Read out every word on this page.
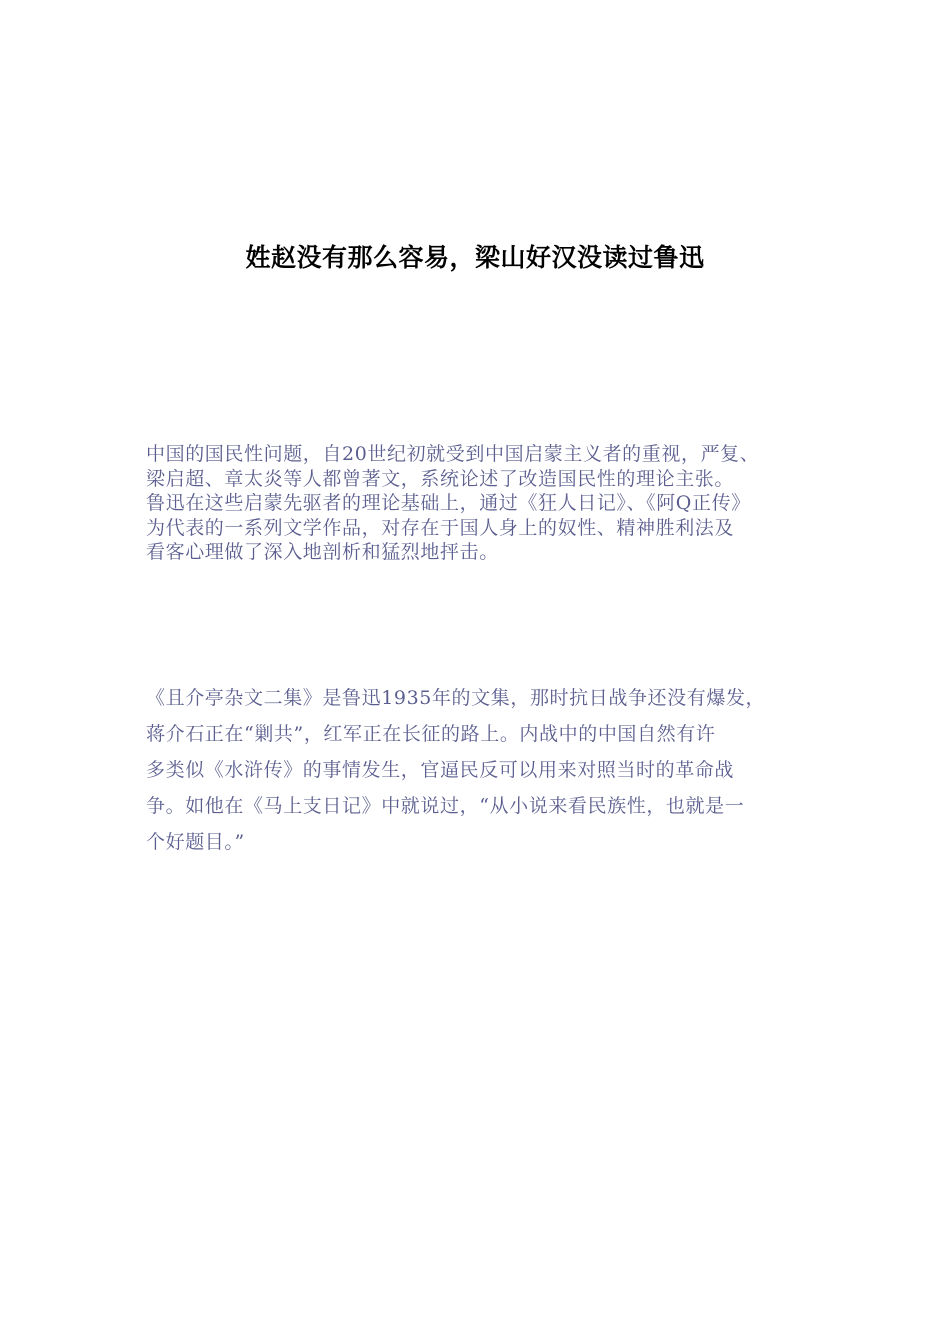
姓赵没有那么容易，梁山好汉没读过鲁迅

中国的国民性问题，自20世纪初就受到中国启蒙主义者的重视，严复、
梁启超、章太炎等人都曾著文，系统论述了改造国民性的理论主张。
鲁迅在这些启蒙先驱者的理论基础上，通过《狂人日记》、《阿Q正传》
为代表的一系列文学作品，对存在于国人身上的奴性、精神胜利法及
看客心理做了深入地剖析和猛烈地抨击。

《且介亭杂文二集》是鲁迅1935年的文集，那时抗日战争还没有爆发，
蒋介石正在“剿共”，红军正在长征的路上。内战中的中国自然有许
多类似《水浒传》的事情发生，官逼民反可以用来对照当时的革命战
争。如他在《马上支日记》中就说过，“从小说来看民族性，也就是一
个好题目。”
